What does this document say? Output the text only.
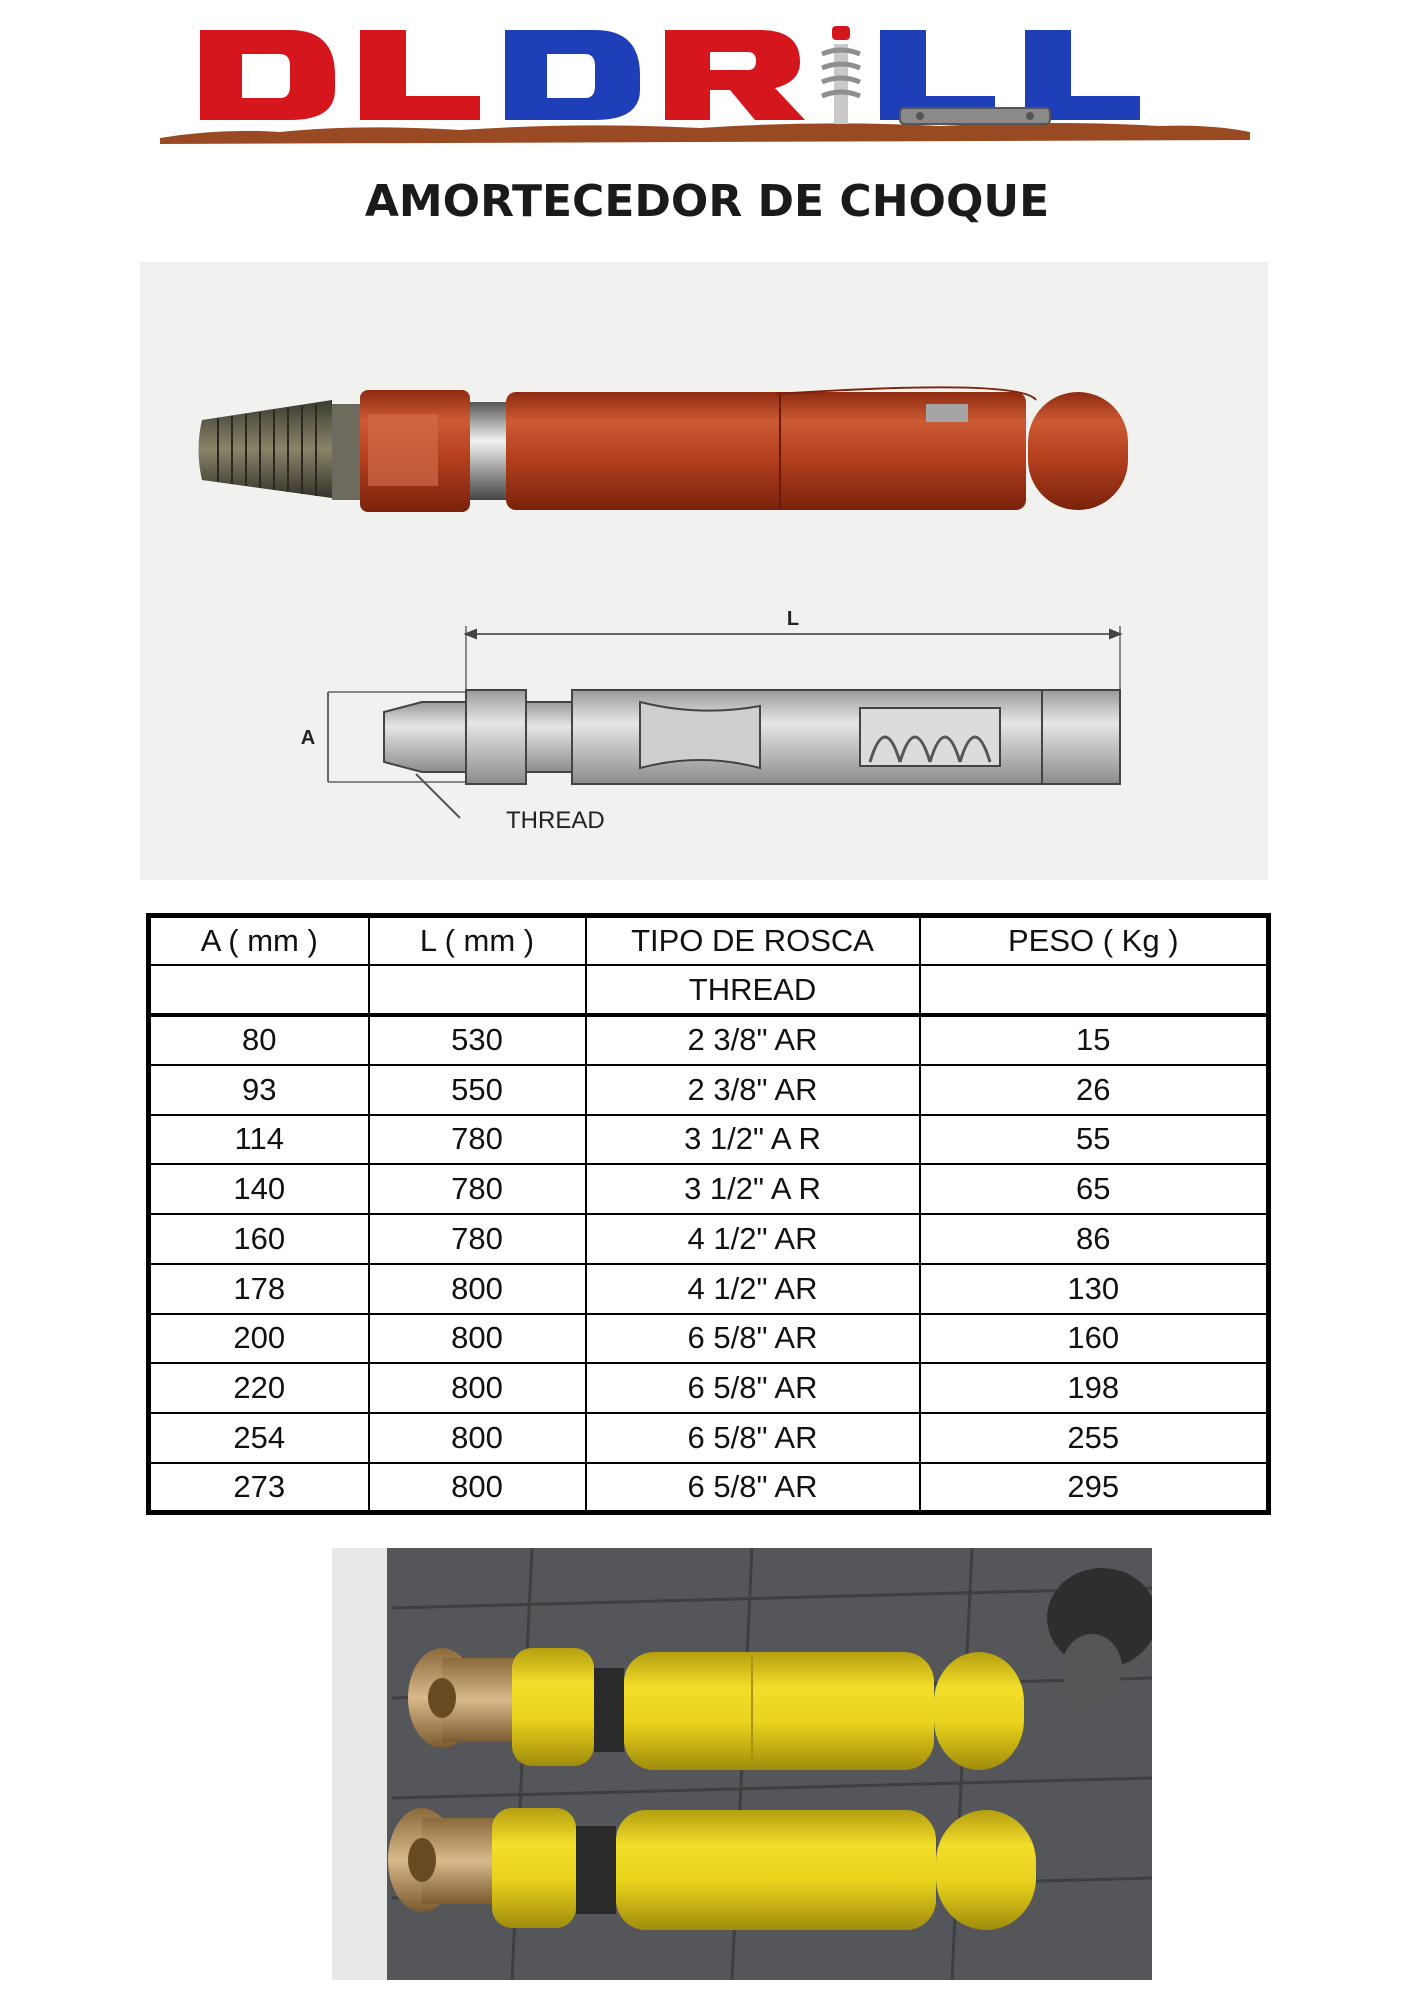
AMORTECEDOR DE CHOQUE
L
A
THREAD
A ( mm )	L ( mm )	TIPO DE ROSCA	PESO ( Kg )
		THREAD	
80	530	2 3/8" AR	15
93	550	2 3/8" AR	26
114	780	3 1/2" A R	55
140	780	3 1/2" A R	65
160	780	4 1/2" AR	86
178	800	4 1/2" AR	130
200	800	6 5/8" AR	160
220	800	6 5/8" AR	198
254	800	6 5/8" AR	255
273	800	6 5/8" AR	295
